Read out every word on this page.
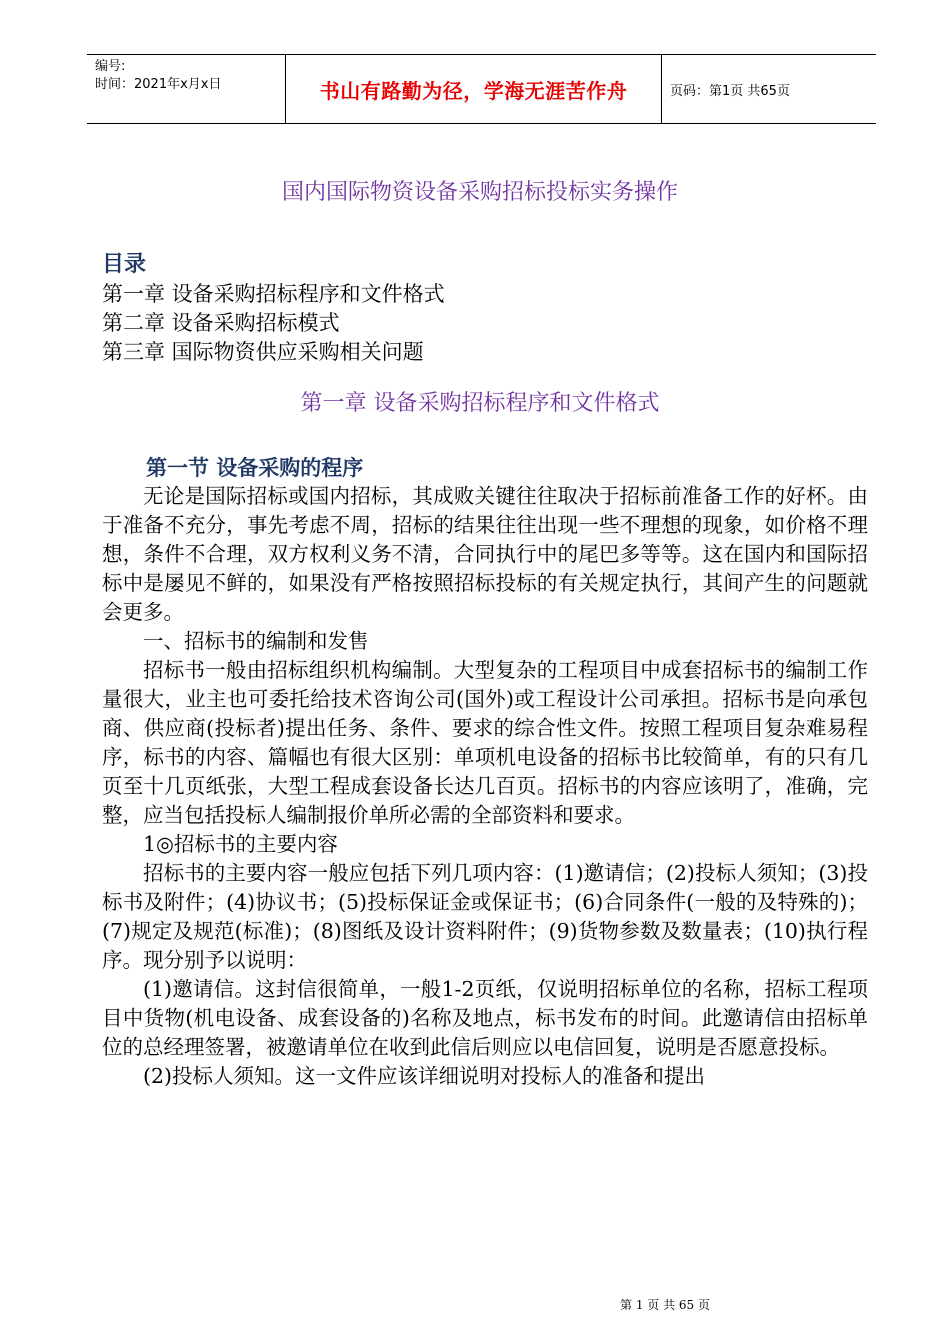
编号:
时间：2021年x月x日	书山有路勤为径，学海无涯苦作舟	页码：第1页 共65页
国内国际物资设备采购招标投标实务操作
目录
第一章 设备采购招标程序和文件格式
第二章 设备采购招标模式
第三章 国际物资供应采购相关问题
第一章 设备采购招标程序和文件格式
第一节 设备采购的程序

无论是国际招标或国内招标，其成败关键往往取决于招标前准备工作的好杯。由于准备不充分，事先考虑不周，招标的结果往往出现一些不理想的现象，如价格不理想，条件不合理，双方权利义务不清，合同执行中的尾巴多等等。这在国内和国际招标中是屡见不鲜的，如果没有严格按照招标投标的有关规定执行，其间产生的问题就会更多。

一、招标书的编制和发售

招标书一般由招标组织机构编制。大型复杂的工程项目中成套招标书的编制工作量很大，业主也可委托给技术咨询公司(国外)或工程设计公司承担。招标书是向承包商、供应商(投标者)提出任务、条件、要求的综合性文件。按照工程项目复杂难易程序，标书的内容、篇幅也有很大区别：单项机电设备的招标书比较简单，有的只有几页至十几页纸张，大型工程成套设备长达几百页。招标书的内容应该明了，准确，完整，应当包括投标人编制报价单所必需的全部资料和要求。

1◎招标书的主要内容

招标书的主要内容一般应包括下列几项内容：(1)邀请信；(2)投标人须知；(3)投标书及附件；(4)协议书；(5)投标保证金或保证书；(6)合同条件(一般的及特殊的)；(7)规定及规范(标准)；(8)图纸及设计资料附件；(9)货物参数及数量表；(10)执行程序。现分别予以说明：

(1)邀请信。这封信很简单，一般1-2页纸，仅说明招标单位的名称，招标工程项目中货物(机电设备、成套设备的)名称及地点，标书发布的时间。此邀请信由招标单位的总经理签署，被邀请单位在收到此信后则应以电信回复，说明是否愿意投标。

(2)投标人须知。这一文件应该详细说明对投标人的准备和提出

第 1 页 共 65 页
